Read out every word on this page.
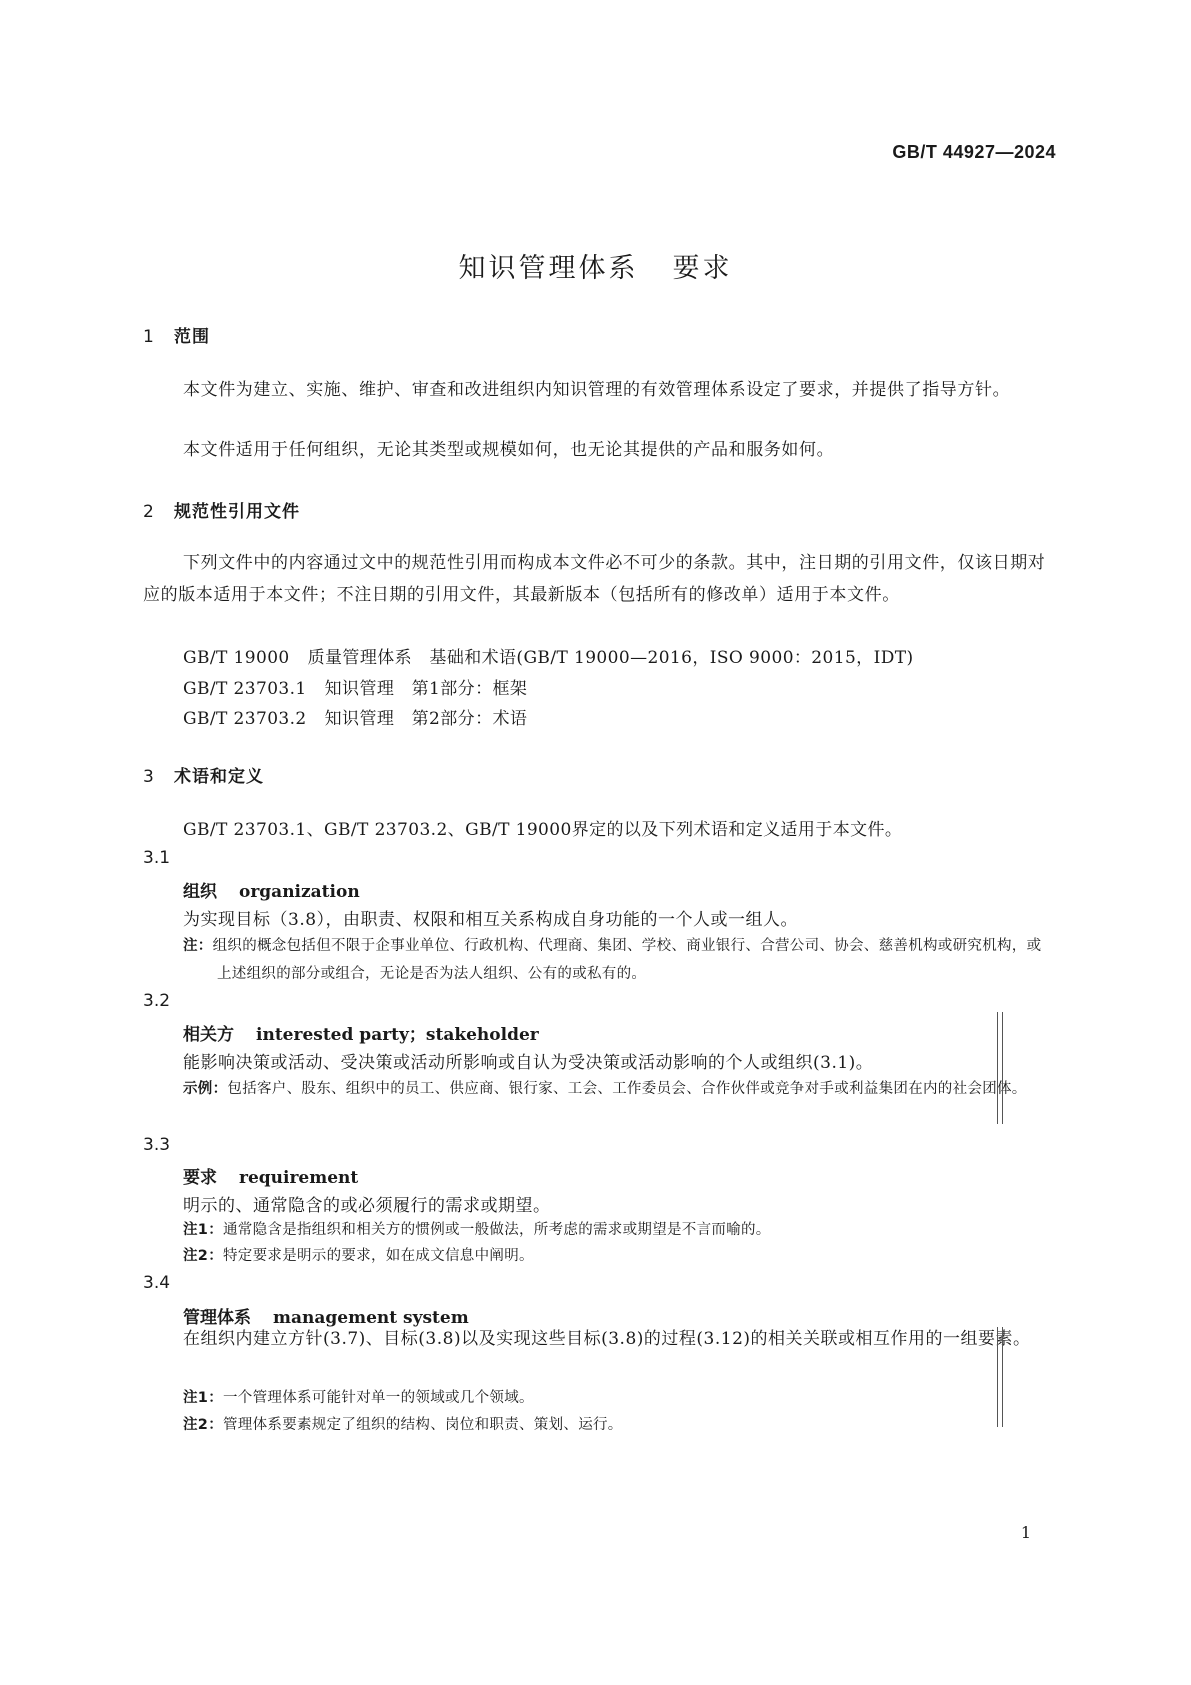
GB/T 44927—2024
知识管理体系 要求
1 范围
本文件为建立、实施、维护、审查和改进组织内知识管理的有效管理体系设定了要求，并提供了指导方针。
本文件适用于任何组织，无论其类型或规模如何，也无论其提供的产品和服务如何。
2 规范性引用文件
下列文件中的内容通过文中的规范性引用而构成本文件必不可少的条款。其中，注日期的引用文件，仅该日期对应的版本适用于本文件；不注日期的引用文件，其最新版本（包括所有的修改单）适用于本文件。
GB/T 19000 质量管理体系　基础和术语(GB/T 19000—2016，ISO 9000：2015，IDT)
GB/T 23703.1 知识管理　第1部分：框架
GB/T 23703.2 知识管理　第2部分：术语
3 术语和定义
GB/T 23703.1、GB/T 23703.2、GB/T 19000界定的以及下列术语和定义适用于本文件。
3.1
组织 organization
为实现目标（3.8），由职责、权限和相互关系构成自身功能的一个人或一组人。
注：组织的概念包括但不限于企事业单位、行政机构、代理商、集团、学校、商业银行、合营公司、协会、慈善机构或研究机构，或上述组织的部分或组合，无论是否为法人组织、公有的或私有的。
3.2
相关方 interested party；stakeholder
能影响决策或活动、受决策或活动所影响或自认为受决策或活动影响的个人或组织(3.1)。
示例：包括客户、股东、组织中的员工、供应商、银行家、工会、工作委员会、合作伙伴或竞争对手或利益集团在内的社会团体。
3.3
要求 requirement
明示的、通常隐含的或必须履行的需求或期望。
注1：通常隐含是指组织和相关方的惯例或一般做法，所考虑的需求或期望是不言而喻的。
注2：特定要求是明示的要求，如在成文信息中阐明。
3.4
管理体系 management system
在组织内建立方针(3.7)、目标(3.8)以及实现这些目标(3.8)的过程(3.12)的相关关联或相互作用的一组要素。
注1：一个管理体系可能针对单一的领域或几个领域。
注2：管理体系要素规定了组织的结构、岗位和职责、策划、运行。
1
